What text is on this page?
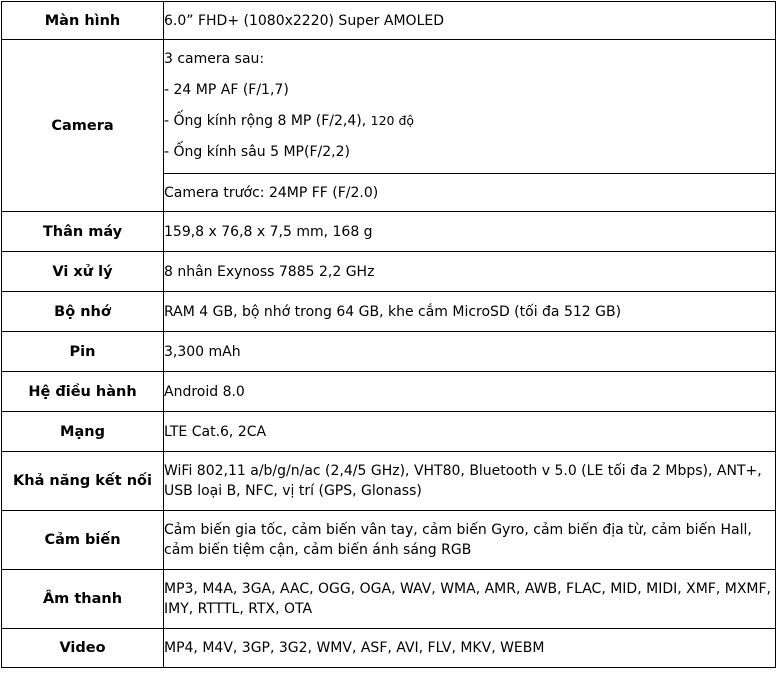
Màn hình	6.0” FHD+ (1080x2220) Super AMOLED
Camera	3 camera sau:
- 24 MP AF (F/1,7)
- Ống kính rộng 8 MP (F/2,4), 120 độ
- Ống kính sâu 5 MP(F/2,2)

	Camera trước: 24MP FF (F/2.0)
Thân máy	159,8 x 76,8 x 7,5 mm, 168 g
Vi xử lý	8 nhân Exynoss 7885 2,2 GHz
Bộ nhớ	RAM 4 GB, bộ nhớ trong 64 GB, khe cắm MicroSD (tối đa 512 GB)
Pin	3,300 mAh
Hệ điều hành	Android 8.0
Mạng	LTE Cat.6, 2CA
Khả năng kết nối	WiFi 802,11 a/b/g/n/ac (2,4/5 GHz), VHT80, Bluetooth v 5.0 (LE tối đa 2 Mbps), ANT+, USB loại B, NFC, vị trí (GPS, Glonass)
Cảm biến	Cảm biến gia tốc, cảm biến vân tay, cảm biến Gyro, cảm biến địa từ, cảm biến Hall, cảm biến tiệm cận, cảm biến ánh sáng RGB
Âm thanh	MP3, M4A, 3GA, AAC, OGG, OGA, WAV, WMA, AMR, AWB, FLAC, MID, MIDI, XMF, MXMF, IMY, RTTTL, RTX, OTA
Video	MP4, M4V, 3GP, 3G2, WMV, ASF, AVI, FLV, MKV, WEBM
